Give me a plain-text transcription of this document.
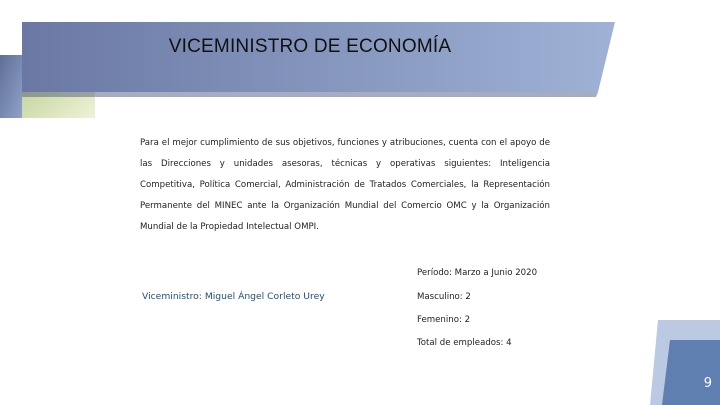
VICEMINISTRO DE ECONOMÍA
Para el mejor cumplimiento de sus objetivos, funciones y atribuciones, cuenta con el apoyo de las Direcciones y unidades asesoras, técnicas y operativas siguientes: Inteligencia Competitiva, Política Comercial, Administración de Tratados Comerciales, la Representación Permanente del MINEC ante la Organización Mundial del Comercio OMC y la Organización Mundial de la Propiedad Intelectual OMPI.
Período: Marzo a Junio 2020
Viceministro: Miguel Ángel Corleto Urey	Masculino: 2
Femenino: 2
Total de empleados: 4
9
